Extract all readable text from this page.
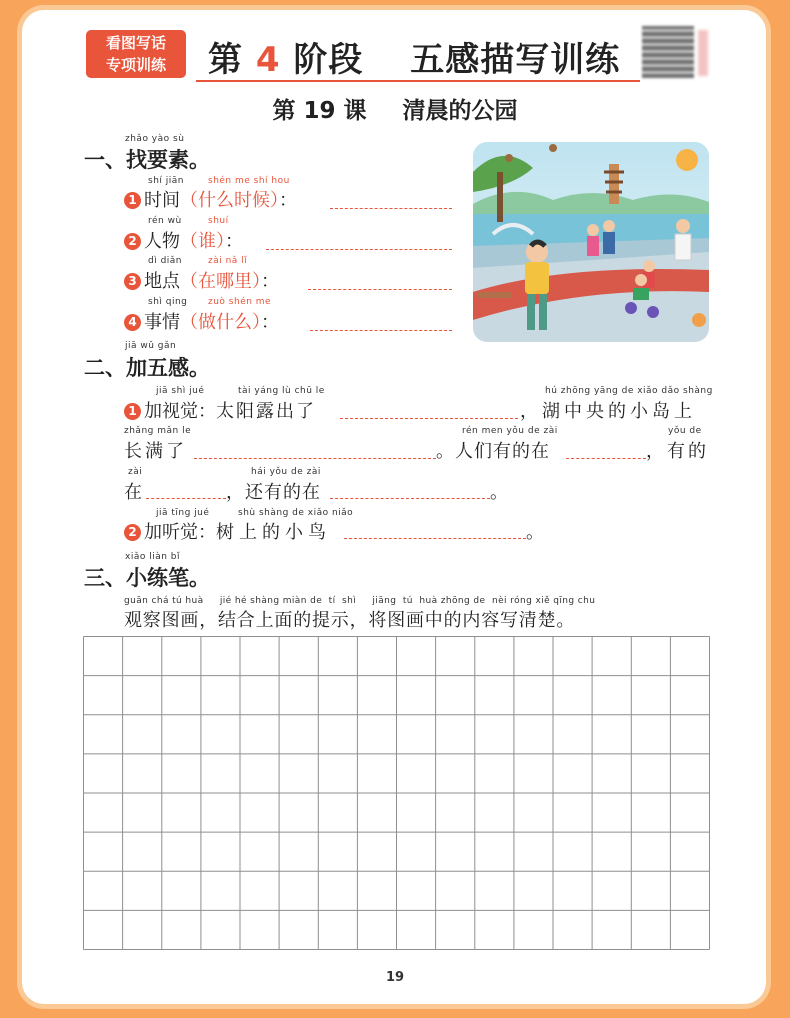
看图写话
专项训练	第 4 阶段 五感描写训练
第 19 课 清晨的公园
zhǎo yào sù
一、找要素。
shí jiān	shén me shí hou
1 时间（什么时候）：
rén wù	shuí
2 人物（谁）：
dì diǎn	zài nǎ lǐ
3 地点（在哪里）：
shì qing zuò shén me
4 事情（做什么）：
jiā wǔ gǎn
二、加五感。
jiā shì jué	tài yáng lù chū le	hú zhōng yāng de xiǎo dǎo shàng
1 加视觉：太阳露出了	，湖中央的小岛上
zhǎng mǎn le	rén men yǒu de zài	yǒu de
长满了	。人们有的在	，有的
zài	hái yǒu de zài
在	，还有的在	。
jiā tīng jué	shù shàng de xiǎo niǎo
2 加听觉：树上的小鸟	。
xiǎo liàn bǐ
三、小练笔。
guān chá tú huà     jié hé shàng miàn de  tí  shì     jiāng  tú  huà zhōng de  nèi róng xiě qīng chu
观察图画，结合上面的提示，将图画中的内容写清楚。
19
